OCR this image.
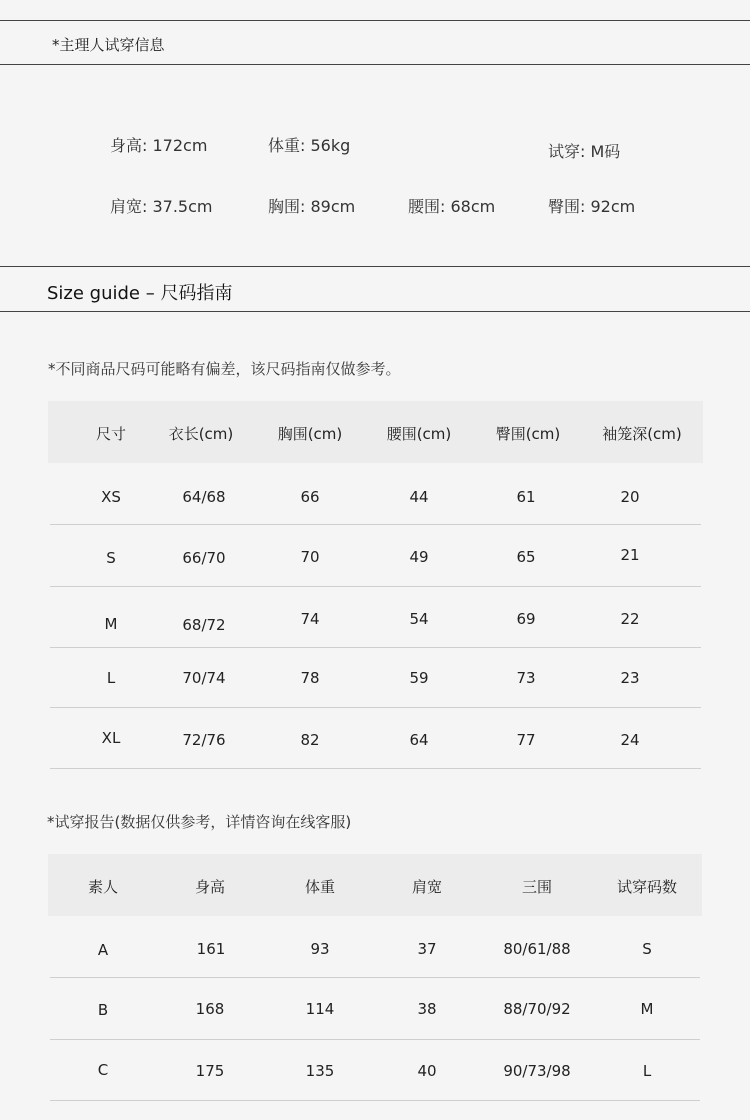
*主理人试穿信息
身高: 172cm	体重: 56kg	试穿: M码
肩宽: 37.5cm	胸围: 89cm	腰围: 68cm	臀围: 92cm
Size guide – 尺码指南
*不同商品尺码可能略有偏差，该尺码指南仅做参考。
尺寸	衣长(cm)	胸围(cm)	腰围(cm)	臀围(cm)	袖笼深(cm)
XS	64/68	66	44	61	20
S	66/70	70	49	65	21
M	68/72	74	54	69	22
L	70/74	78	59	73	23
XL	72/76	82	64	77	24
*试穿报告(数据仅供参考，详情咨询在线客服)
素人	身高	体重	肩宽	三围	试穿码数
A	161	93	37	80/61/88	S
B	168	114	38	88/70/92	M
C	175	135	40	90/73/98	L
